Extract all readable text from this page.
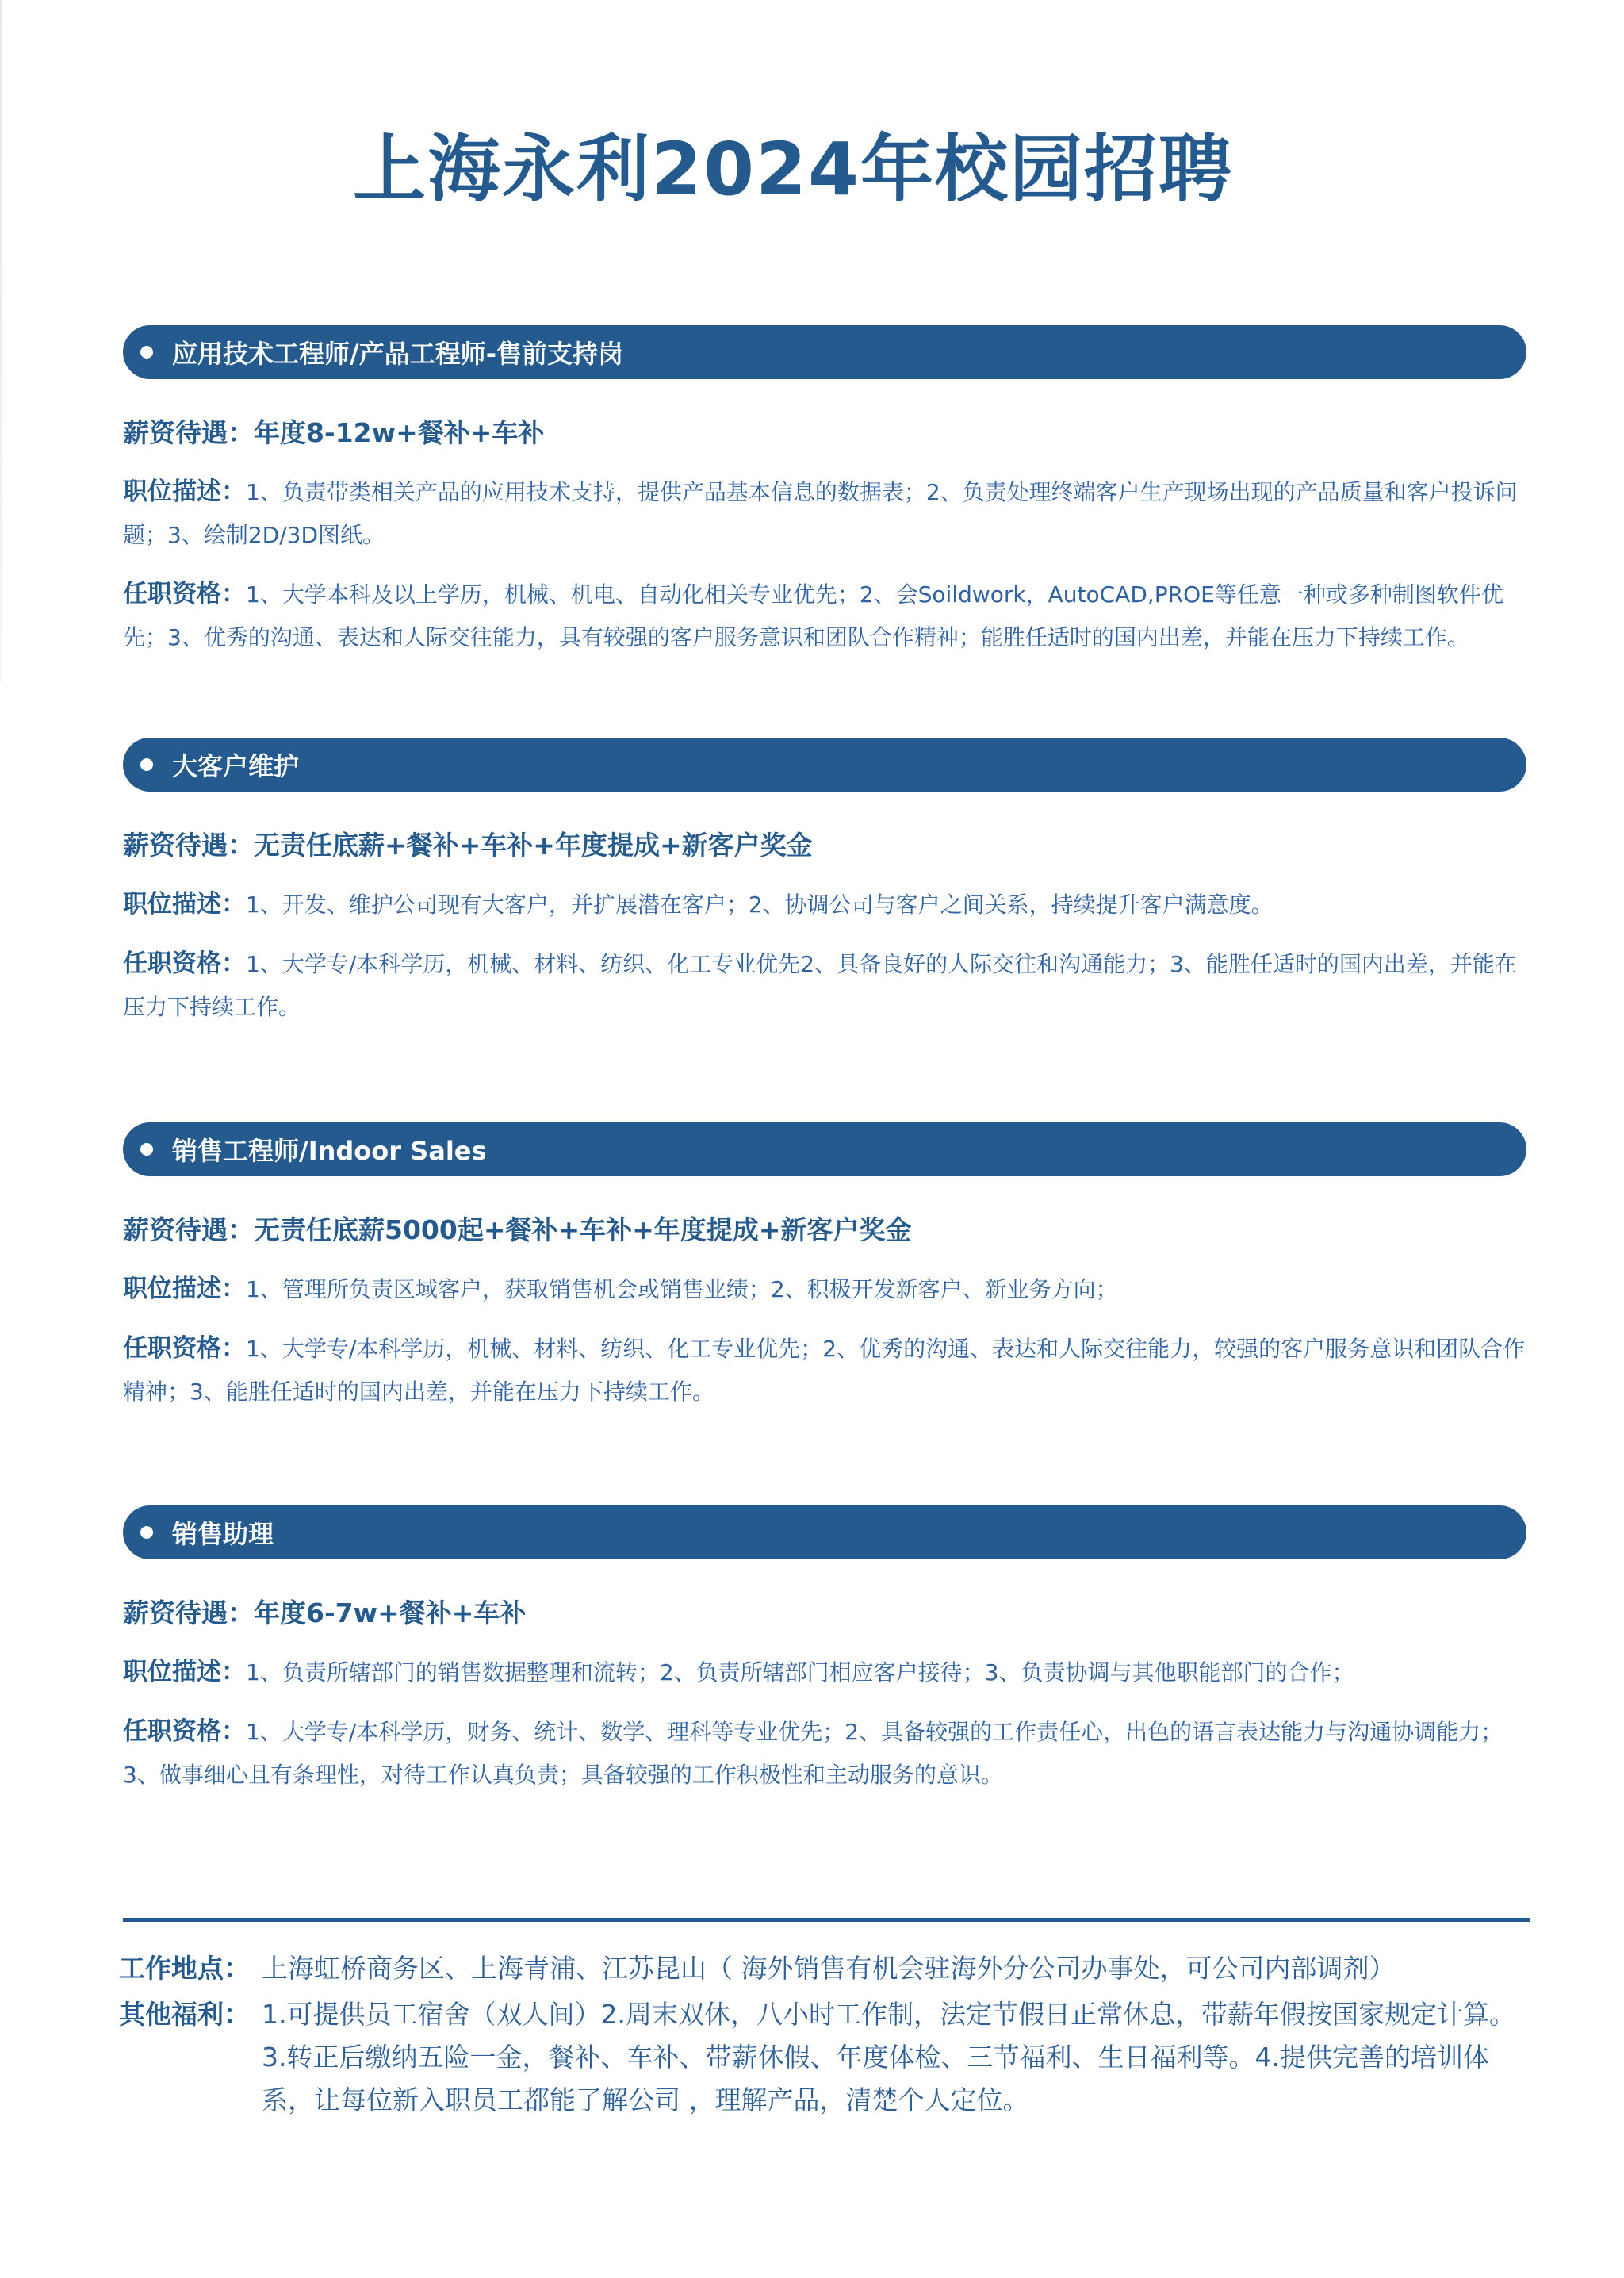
上海永利2024年校园招聘
应用技术工程师/产品工程师-售前支持岗
薪资待遇：年度8-12w+餐补+车补

职位描述：1、负责带类相关产品的应用技术支持，提供产品基本信息的数据表；2、负责处理终端客户生产现场出现的产品质量和客户投诉问题；3、绘制2D/3D图纸。

任职资格：1、大学本科及以上学历，机械、机电、自动化相关专业优先；2、会Soildwork，AutoCAD,PROE等任意一种或多种制图软件优先；3、优秀的沟通、表达和人际交往能力，具有较强的客户服务意识和团队合作精神；能胜任适时的国内出差，并能在压力下持续工作。

大客户维护
薪资待遇：无责任底薪+餐补+车补+年度提成+新客户奖金

职位描述：1、开发、维护公司现有大客户，并扩展潜在客户；2、协调公司与客户之间关系，持续提升客户满意度。

任职资格：1、大学专/本科学历，机械、材料、纺织、化工专业优先2、具备良好的人际交往和沟通能力；3、能胜任适时的国内出差，并能在压力下持续工作。

销售工程师/Indoor Sales
薪资待遇：无责任底薪5000起+餐补+车补+年度提成+新客户奖金

职位描述：1、管理所负责区域客户，获取销售机会或销售业绩；2、积极开发新客户、新业务方向；

任职资格：1、大学专/本科学历，机械、材料、纺织、化工专业优先；2、优秀的沟通、表达和人际交往能力，较强的客户服务意识和团队合作精神；3、能胜任适时的国内出差，并能在压力下持续工作。

销售助理
薪资待遇：年度6-7w+餐补+车补

职位描述：1、负责所辖部门的销售数据整理和流转；2、负责所辖部门相应客户接待；3、负责协调与其他职能部门的合作；

任职资格：1、大学专/本科学历，财务、统计、数学、理科等专业优先；2、具备较强的工作责任心，出色的语言表达能力与沟通协调能力；3、做事细心且有条理性，对待工作认真负责；具备较强的工作积极性和主动服务的意识。

工作地点： 上海虹桥商务区、上海青浦、江苏昆山（ 海外销售有机会驻海外分公司办事处，可公司内部调剂）
其他福利： 1.可提供员工宿舍（双人间）2.周末双休，八小时工作制，法定节假日正常休息，带薪年假按国家规定计算。3.转正后缴纳五险一金，餐补、车补、带薪休假、年度体检、三节福利、生日福利等。4.提供完善的培训体系，让每位新入职员工都能了解公司 ，理解产品，清楚个人定位。
